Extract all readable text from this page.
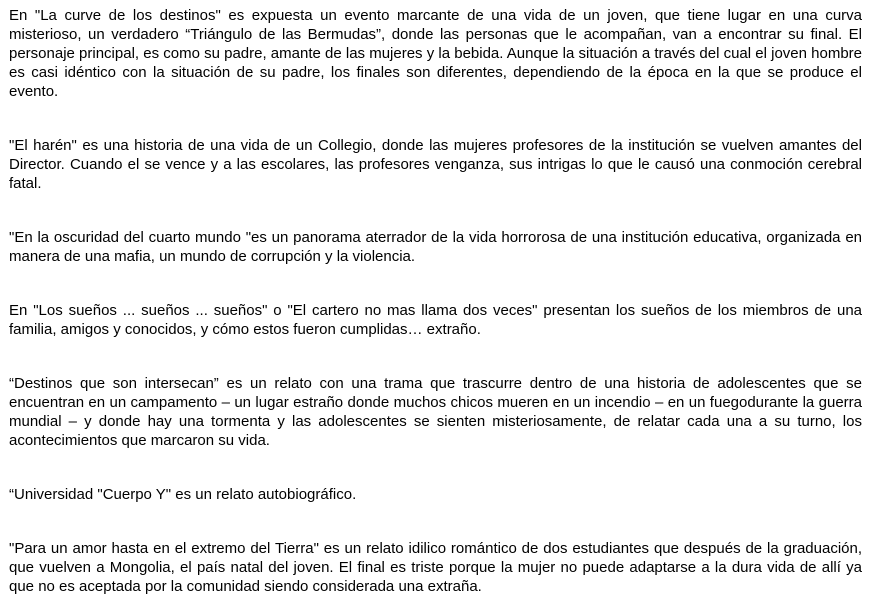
En "La curve de los destinos" es expuesta un evento marcante de una vida de un joven, que tiene lugar en una curva misterioso, un verdadero “Triángulo de las Bermudas”, donde las personas que le acompañan, van a encontrar su final. El personaje principal, es como su padre, amante de las mujeres y la bebida. Aunque la situación a través del cual el joven hombre es casi idéntico con la situación de su padre, los finales son diferentes, dependiendo de la época en la que se produce el evento.

"El harén" es una historia de una vida de un Collegio, donde las mujeres profesores de la institución se vuelven amantes del Director. Cuando el se vence y a las escolares, las profesores venganza, sus intrigas lo que le causó una conmoción cerebral fatal.

"En la oscuridad del cuarto mundo "es un panorama aterrador de la vida horrorosa de una institución educativa, organizada en manera de una mafia, un mundo de corrupción y la violencia.

En "Los sueños ... sueños ... sueños" o "El cartero no mas llama dos veces" presentan los sueños de los miembros de una familia, amigos y conocidos, y cómo estos fueron cumplidas… extraño.

“Destinos que son intersecan” es un relato con una trama que trascurre dentro de una historia de adolescentes que se encuentran en un campamento – un lugar estraño donde muchos chicos mueren en un incendio – en un fuegodurante la guerra mundial – y donde hay una tormenta y las adolescentes se sienten misteriosamente, de relatar cada una a su turno, los acontecimientos que marcaron su vida.

“Universidad "Cuerpo Y" es un relato autobiográfico.

"Para un amor hasta en el extremo del Tierra" es un relato idilico romántico de dos estudiantes que después de la graduación, que vuelven a Mongolia, el país natal del joven. El final es triste porque la mujer no puede adaptarse a la dura vida de allí ya que no es aceptada por la comunidad siendo considerada una extraña.
